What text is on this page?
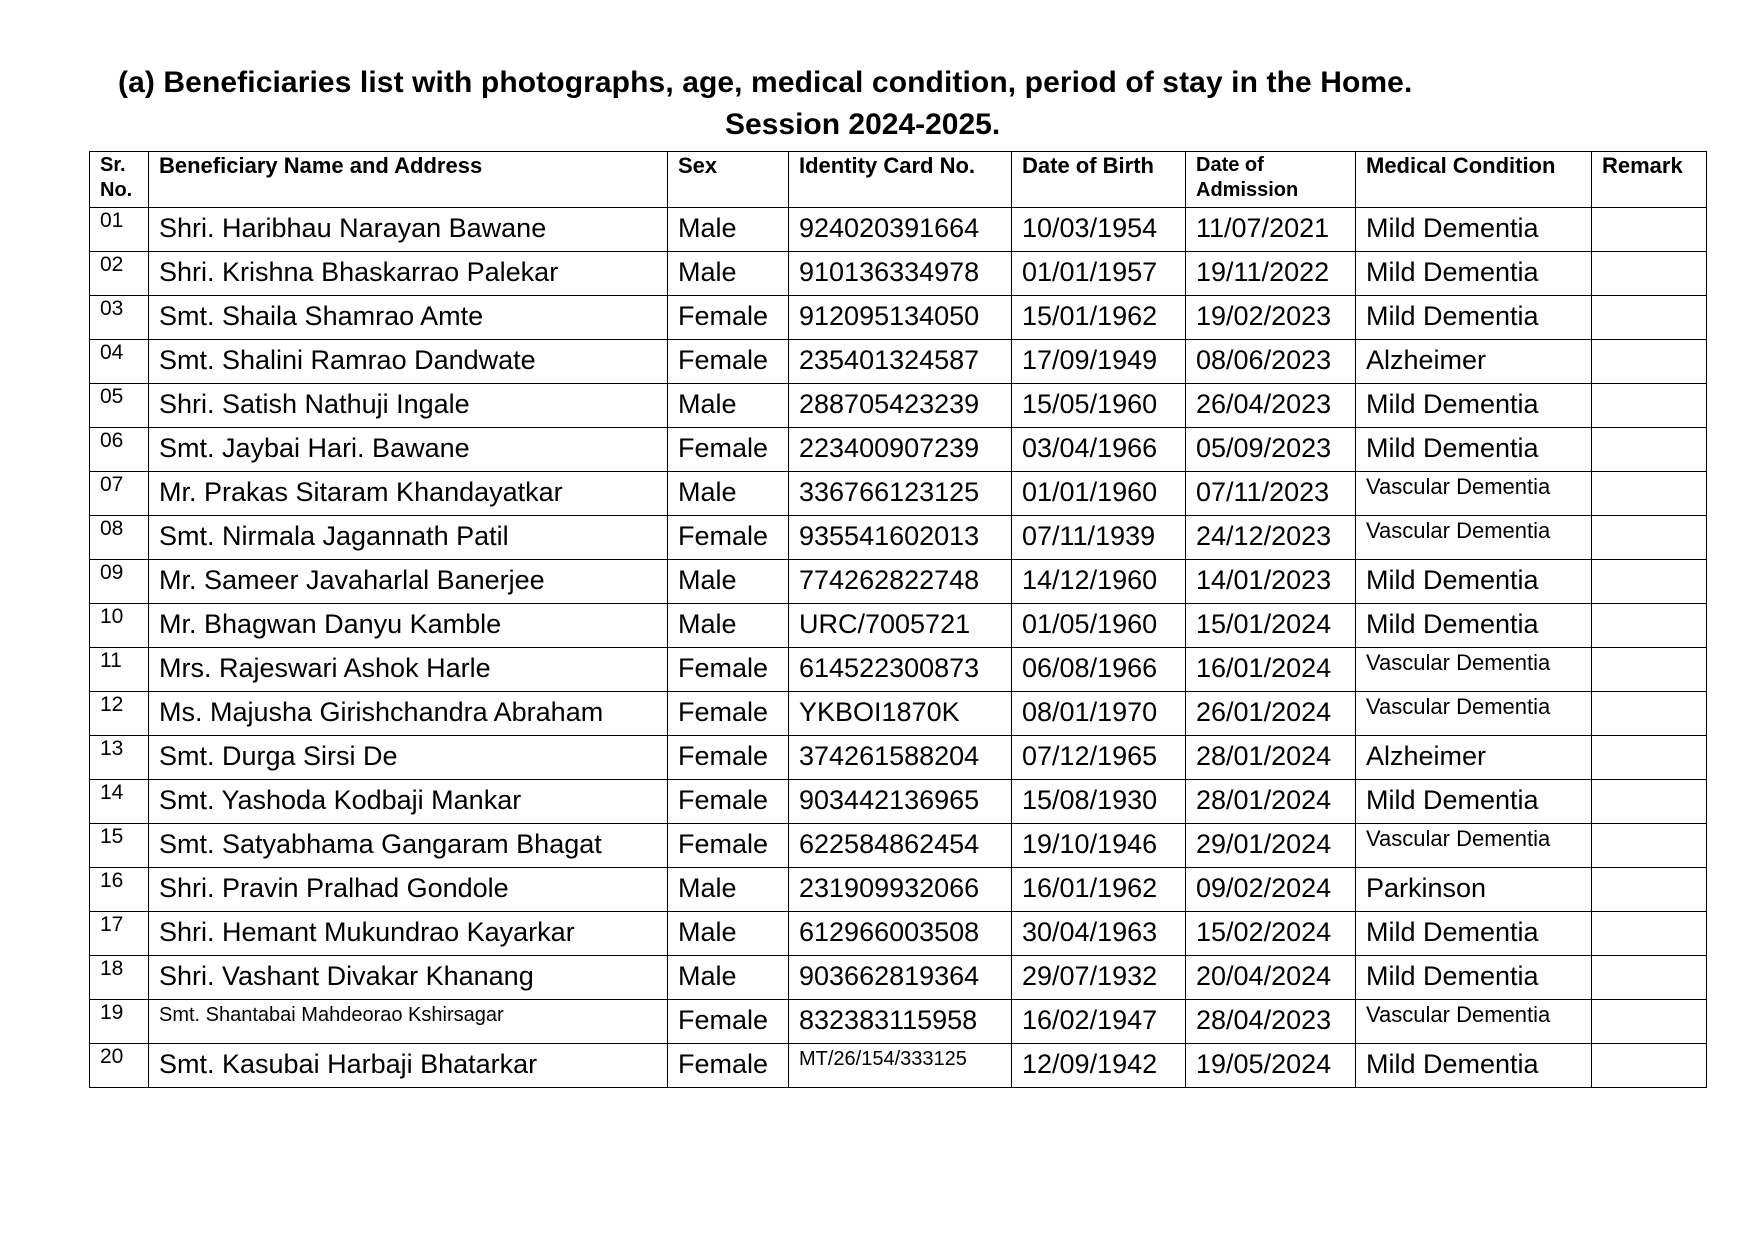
(a) Beneficiaries list with photographs, age, medical condition, period of stay in the Home.
Session 2024-2025.
Sr. No.	Beneficiary Name and Address	Sex	Identity Card No.	Date of Birth	Date of Admission	Medical Condition	Remark
01	Shri. Haribhau Narayan Bawane	Male	924020391664	10/03/1954	11/07/2021	Mild Dementia	
02	Shri. Krishna Bhaskarrao Palekar	Male	910136334978	01/01/1957	19/11/2022	Mild Dementia	
03	Smt. Shaila Shamrao Amte	Female	912095134050	15/01/1962	19/02/2023	Mild Dementia	
04	Smt. Shalini Ramrao Dandwate	Female	235401324587	17/09/1949	08/06/2023	Alzheimer	
05	Shri. Satish Nathuji Ingale	Male	288705423239	15/05/1960	26/04/2023	Mild Dementia	
06	Smt. Jaybai Hari. Bawane	Female	223400907239	03/04/1966	05/09/2023	Mild Dementia	
07	Mr. Prakas Sitaram Khandayatkar	Male	336766123125	01/01/1960	07/11/2023	Vascular Dementia	
08	Smt. Nirmala Jagannath Patil	Female	935541602013	07/11/1939	24/12/2023	Vascular Dementia	
09	Mr. Sameer Javaharlal Banerjee	Male	774262822748	14/12/1960	14/01/2023	Mild Dementia	
10	Mr. Bhagwan Danyu Kamble	Male	URC/7005721	01/05/1960	15/01/2024	Mild Dementia	
11	Mrs. Rajeswari Ashok Harle	Female	614522300873	06/08/1966	16/01/2024	Vascular Dementia	
12	Ms. Majusha Girishchandra Abraham	Female	YKBOI1870K	08/01/1970	26/01/2024	Vascular Dementia	
13	Smt. Durga Sirsi De	Female	374261588204	07/12/1965	28/01/2024	Alzheimer	
14	Smt. Yashoda Kodbaji Mankar	Female	903442136965	15/08/1930	28/01/2024	Mild Dementia	
15	Smt. Satyabhama Gangaram Bhagat	Female	622584862454	19/10/1946	29/01/2024	Vascular Dementia	
16	Shri. Pravin Pralhad Gondole	Male	231909932066	16/01/1962	09/02/2024	Parkinson	
17	Shri. Hemant Mukundrao Kayarkar	Male	612966003508	30/04/1963	15/02/2024	Mild Dementia	
18	Shri. Vashant Divakar Khanang	Male	903662819364	29/07/1932	20/04/2024	Mild Dementia	
19	Smt. Shantabai Mahdeorao Kshirsagar	Female	832383115958	16/02/1947	28/04/2023	Vascular Dementia	
20	Smt. Kasubai Harbaji Bhatarkar	Female	MT/26/154/333125	12/09/1942	19/05/2024	Mild Dementia	
